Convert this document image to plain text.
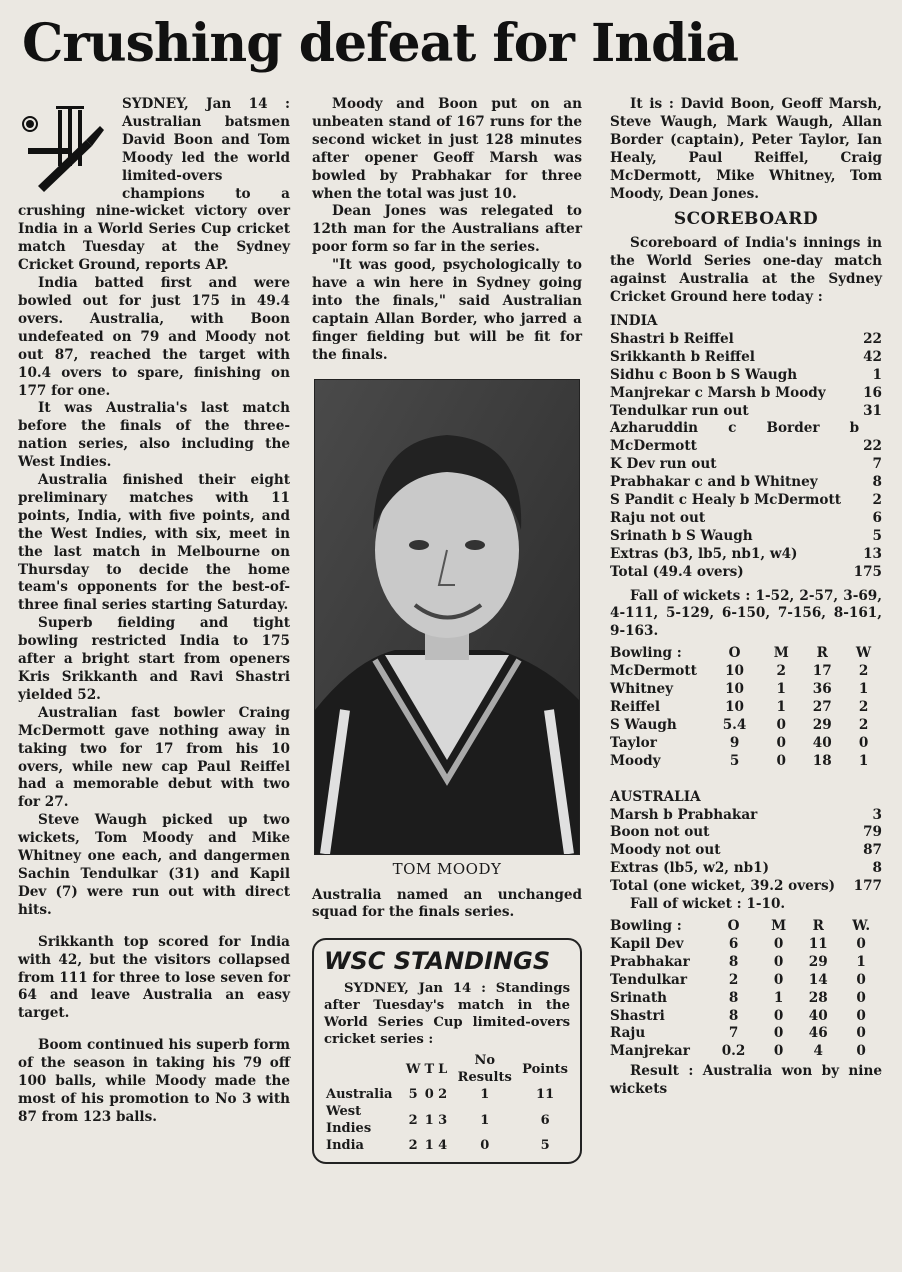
Crushing defeat for India

SYDNEY, Jan 14 : Australian batsmen David Boon and Tom Moody led the world limited-overs champions to a crushing nine-wicket victory over India in a World Series Cup cricket match Tuesday at the Sydney Cricket Ground, reports AP.

India batted first and were bowled out for just 175 in 49.4 overs. Australia, with Boon undefeated on 79 and Moody not out 87, reached the target with 10.4 overs to spare, finishing on 177 for one.

It was Australia's last match before the finals of the three-nation series, also including the West Indies.

Australia finished their eight preliminary matches with 11 points, India, with five points, and the West Indies, with six, meet in the last match in Melbourne on Thursday to decide the home team's opponents for the best-of-three final series starting Saturday.

Superb fielding and tight bowling restricted India to 175 after a bright start from openers Kris Srikkanth and Ravi Shastri yielded 52.

Australian fast bowler Craing McDermott gave nothing away in taking two for 17 from his 10 overs, while new cap Paul Reiffel had a memorable debut with two for 27.

Steve Waugh picked up two wickets, Tom Moody and Mike Whitney one each, and dangermen Sachin Tendulkar (31) and Kapil Dev (7) were run out with direct hits.

Srikkanth top scored for India with 42, but the visitors collapsed from 111 for three to lose seven for 64 and leave Australia an easy target.

Boom continued his superb form of the season in taking his 79 off 100 balls, while Moody made the most of his promotion to No 3 with 87 from 123 balls.

Moody and Boon put on an unbeaten stand of 167 runs for the second wicket in just 128 minutes after opener Geoff Marsh was bowled by Prabhakar for three when the total was just 10.

Dean Jones was relegated to 12th man for the Australians after poor form so far in the series.

"It was good, psychologically to have a win here in Sydney going into the finals," said Australian captain Allan Border, who jarred a finger fielding but will be fit for the finals.

TOM MOODY

Australia named an unchanged squad for the finals series.

WSC STANDINGS
SYDNEY, Jan 14 : Standings after Tuesday's match in the World Series Cup limited-overs cricket series :
	W	T	L	No Results	Points
Australia	5	0	2	1	11
West Indies	2	1	3	1	6
India	2	1	4	0	5

It is : David Boon, Geoff Marsh, Steve Waugh, Mark Waugh, Allan Border (captain), Peter Taylor, Ian Healy, Paul Reiffel, Craig McDermott, Mike Whitney, Tom Moody, Dean Jones.

SCOREBOARD

Scoreboard of India's innings in the World Series one-day match against Australia at the Sydney Cricket Ground here today :

INDIA
Shastri b Reiffel	22
Srikkanth b Reiffel	42
Sidhu c Boon b S Waugh	1
Manjrekar c Marsh b Moody	16
Tendulkar run out	31
Azharuddin c Border b McDermott	22
K Dev run out	7
Prabhakar c and b Whitney	8
S Pandit c Healy b McDermott 2
Raju not out	6
Srinath b S Waugh	5
Extras (b3, lb5, nb1, w4)	13
Total (49.4 overs)	175

Fall of wickets : 1-52, 2-57, 3-69, 4-111, 5-129, 6-150, 7-156, 8-161, 9-163.

Bowling :	O	M	R	W
McDermott	10	2	17	2
Whitney	10	1	36	1
Reiffel	10	1	27	2
S Waugh	5.4	0	29	2
Taylor	9	0	40	0
Moody	5	0	18	1
AUSTRALIA
Marsh b Prabhakar	3
Boon not out	79
Moody not out	87
Extras (lb5, w2, nb1)	8
Total (one wicket, 39.2 overs) 177

Fall of wicket : 1-10.

Bowling :	O	M	R	W.
Kapil Dev	6	0	11	0
Prabhakar	8	0	29	1
Tendulkar	2	0	14	0
Srinath	8	1	28	0
Shastri	8	0	40	0
Raju	7	0	46	0
Manjrekar	0.2	0	4	0

Result : Australia won by nine wickets
